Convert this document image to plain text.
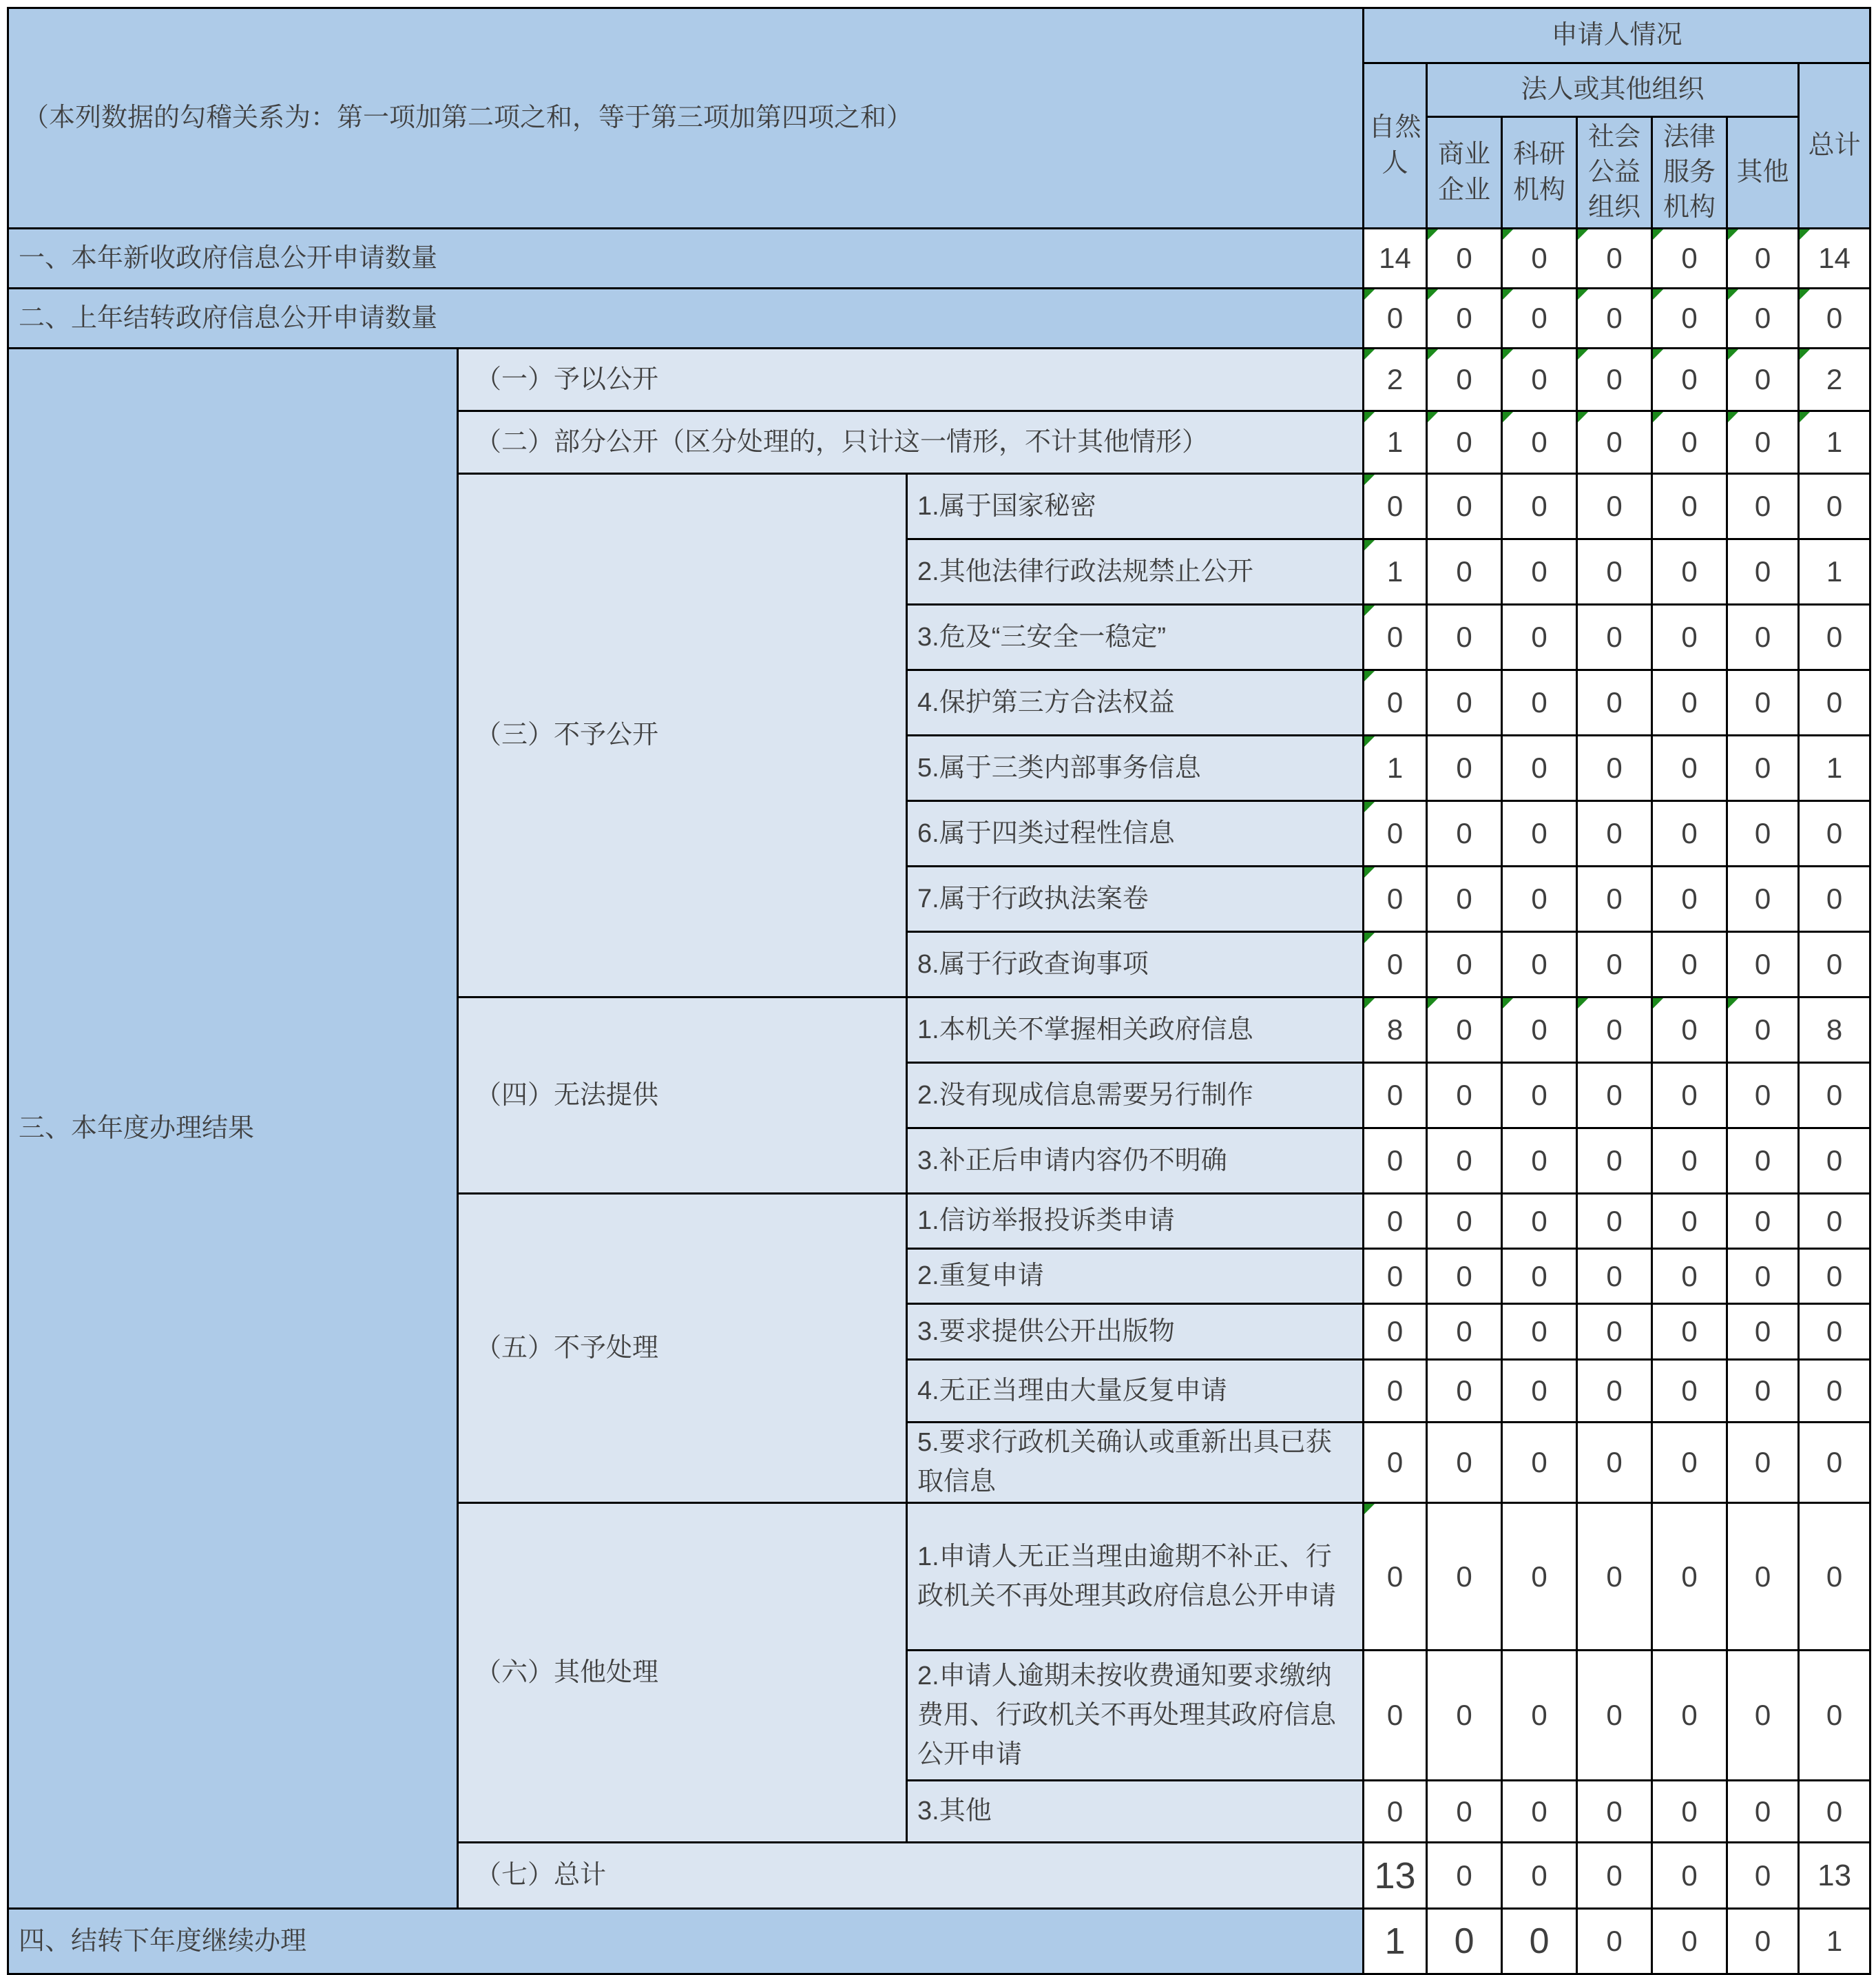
（本列数据的勾稽关系为：第一项加第二项之和，等于第三项加第四项之和）			申请人情况						
			自然人	法人或其他组织					总计
				商业企业	科研机构	社会公益组织	法律服务机构	其他	
一、本年新收政府信息公开申请数量			14	0	0	0	0	0	14

二、上年结转政府信息公开申请数量			0	0	0	0	0	0	0

三、本年度办理结果	（一）予以公开		2	0	0	0	0	0	2

	（二）部分公开（区分处理的，只计这一情形，不计其他情形）		1	0	0	0	0	0	1

	（三）不予公开	1.属于国家秘密	0	0	0	0	0	0	0
		2.其他法律行政法规禁止公开	1	0	0	0	0	0	1
		3.危及“三安全一稳定”	0	0	0	0	0	0	0
		4.保护第三方合法权益	0	0	0	0	0	0	0
		5.属于三类内部事务信息	1	0	0	0	0	0	1
		6.属于四类过程性信息	0	0	0	0	0	0	0
		7.属于行政执法案卷	0	0	0	0	0	0	0
		8.属于行政查询事项	0	0	0	0	0	0	0
	（四）无法提供	1.本机关不掌握相关政府信息	8	0	0	0	0	0	8
		2.没有现成信息需要另行制作	0	0	0	0	0	0	0
		3.补正后申请内容仍不明确	0	0	0	0	0	0	0
	（五）不予处理	1.信访举报投诉类申请	0	0	0	0	0	0	0
		2.重复申请	0	0	0	0	0	0	0
		3.要求提供公开出版物	0	0	0	0	0	0	0
		4.无正当理由大量反复申请	0	0	0	0	0	0	0
		5.要求行政机关确认或重新出具已获取信息	0	0	0	0	0	0	0
	（六）其他处理	1.申请人无正当理由逾期不补正、行政机关不再处理其政府信息公开申请	0	0	0	0	0	0	0
		2.申请人逾期未按收费通知要求缴纳费用、行政机关不再处理其政府信息公开申请	0	0	0	0	0	0	0
		3.其他	0	0	0	0	0	0	0
	（七）总计		13	0	0	0	0	0	13
四、结转下年度继续办理			1	0	0	0	0	0	1
